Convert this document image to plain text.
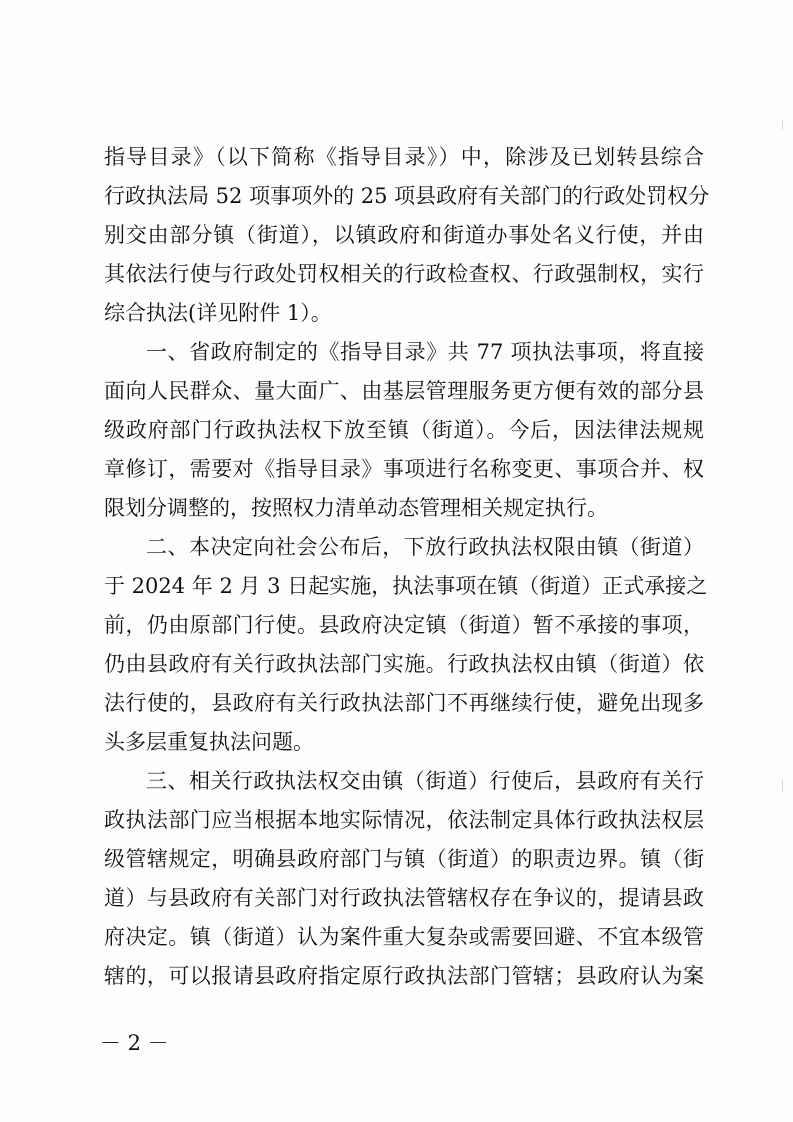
指导目录》（以下简称《指导目录》）中，除涉及已划转县综合
行政执法局 52 项事项外的 25 项县政府有关部门的行政处罚权分
别交由部分镇（街道），以镇政府和街道办事处名义行使，并由
其依法行使与行政处罚权相关的行政检查权、行政强制权，实行
综合执法(详见附件 1）。
一、省政府制定的《指导目录》共 77 项执法事项，将直接
面向人民群众、量大面广、由基层管理服务更方便有效的部分县
级政府部门行政执法权下放至镇（街道）。今后，因法律法规规
章修订，需要对《指导目录》事项进行名称变更、事项合并、权
限划分调整的，按照权力清单动态管理相关规定执行。
二、本决定向社会公布后，下放行政执法权限由镇（街道）
于 2024 年 2 月 3 日起实施，执法事项在镇（街道）正式承接之
前，仍由原部门行使。县政府决定镇（街道）暂不承接的事项，
仍由县政府有关行政执法部门实施。行政执法权由镇（街道）依
法行使的，县政府有关行政执法部门不再继续行使，避免出现多
头多层重复执法问题。
三、相关行政执法权交由镇（街道）行使后，县政府有关行
政执法部门应当根据本地实际情况，依法制定具体行政执法权层
级管辖规定，明确县政府部门与镇（街道）的职责边界。镇（街
道）与县政府有关部门对行政执法管辖权存在争议的，提请县政
府决定。镇（街道）认为案件重大复杂或需要回避、不宜本级管
辖的，可以报请县政府指定原行政执法部门管辖；县政府认为案
－ 2 －
